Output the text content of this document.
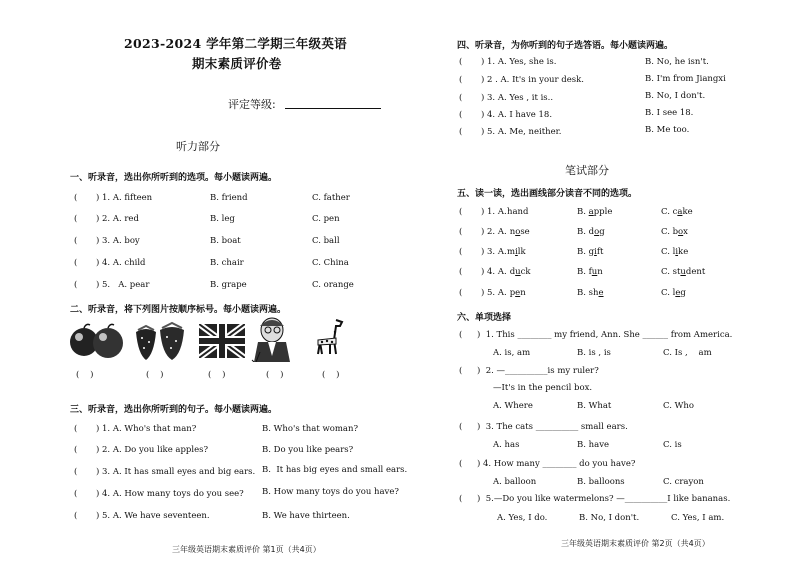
2023-2024 学年第二学期三年级英语
期末素质评价卷
评定等级:
听力部分
一、听录音，选出你所听到的选项。每小题读两遍。
( ) 1. A. fifteen	B. friend	C. father
( ) 2. A. red	B. leg	C. pen
( ) 3. A. boy	B. boat	C. ball
( ) 4. A. child	B. chair	C. China
( ) 5.   A. pear	B. grape	C. orange
二、听录音，将下列图片按顺序标号。每小题读两遍。
(    )	(    )	(    )	(    )	(    )
三、听录音，选出你所听到的句子。每小题读两遍。
( ) 1. A. Who's that man?	B. Who's that woman?
( ) 2. A. Do you like apples?	B. Do you like pears?
( ) 3. A. It has small eyes and big ears. B.  It has big eyes and small ears.
( ) 4. A. How many toys do you see? B. How many toys do you have?
( ) 5. A. We have seventeen.	B. We have thirteen.
三年级英语期末素质评价 第1页（共4页）
四、听录音，为你听到的句子选答语。每小题读两遍。
( ) 1. A. Yes, she is.	B. No, he isn't.
( ) 2 . A. It's in your desk.	B. I'm from Jiangxi
( ) 3. A. Yes , it is..	B. No, I don't.
( ) 4. A. I have 18.	B. I see 18.
( ) 5. A. Me, neither.	B. Me too.
笔试部分
五、读一读，选出画线部分读音不同的选项。
( ) 1. A. hand	B. apple	C. cake
( ) 2. A. nose	B. dog	C. box
( ) 3. A. milk	B. gift	C. like
( ) 4. A. duck	B. fun	C. student
( ) 5. A. pen	B. she	C. leg
六、单项选择
( )  1. This ________ my friend, Ann. She ______ from America.
A. is, am	B. is , is	C. Is ,    am
( )  2. —__________is my ruler?
—It's in the pencil box.
A. Where	B. What	C. Who
( )  3. The cats __________ small ears.
A. has	B. have	C. is
( ) 4. How many ________ do you have?
A. balloon	B. balloons	C. crayon
( )  5.—Do you like watermelons? —__________I like bananas.
A. Yes, I do.	B. No, I don't.	C. Yes, I am.
三年级英语期末素质评价 第2页（共4页）
